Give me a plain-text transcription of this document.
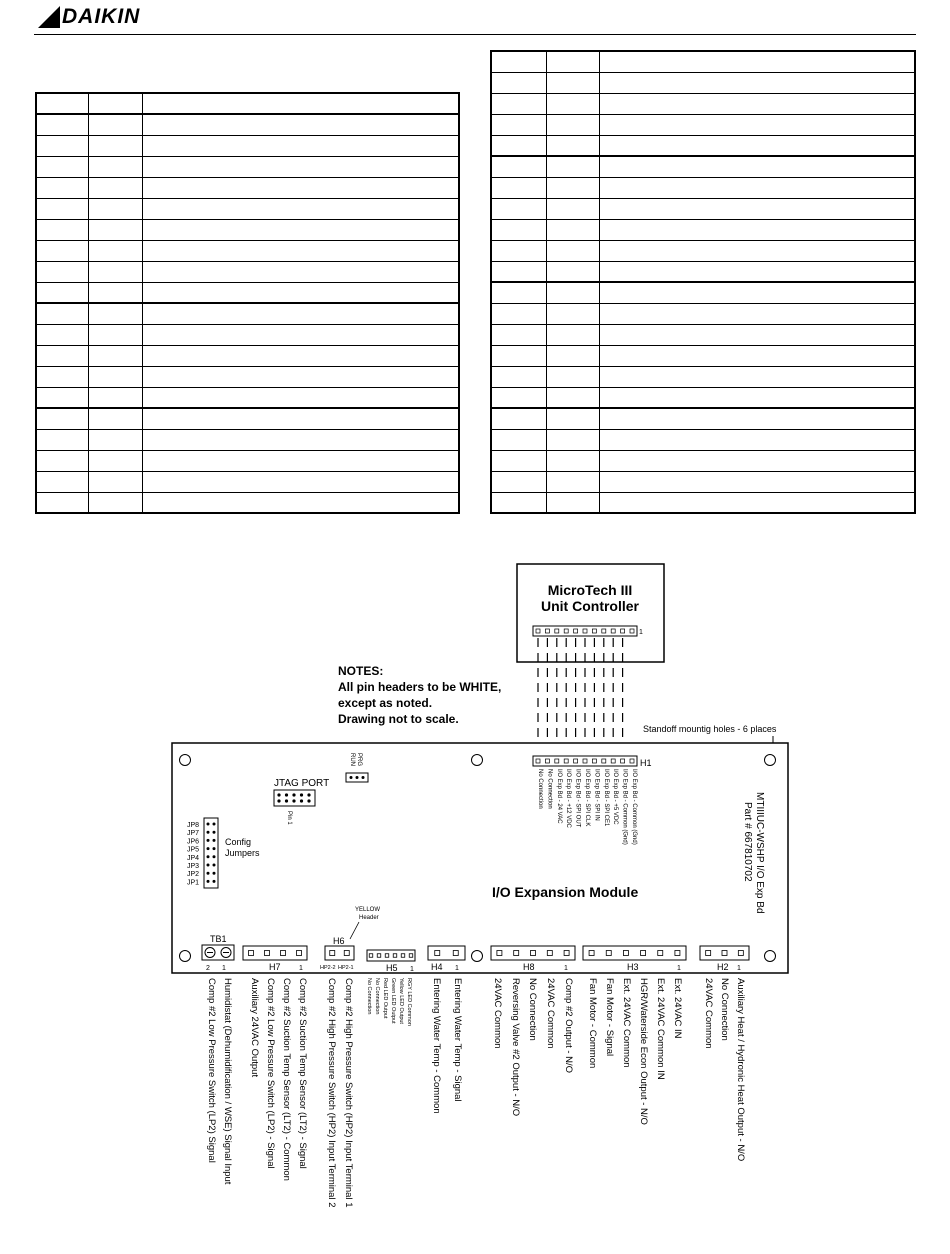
DAIKIN

MicroTech III
Unit Controller
1
NOTES:
All pin headers to be WHITE,
except as noted.
Drawing not to scale.
Standoff mountig holes - 6 places
I/O Expansion Module	MTIIIUC-WSHP I/O Exp Bd
Part # 667810702
JTAG PORT
Pin 1
RUN PRG
JP8
JP7
JP6
JP5
JP4
JP3
JP2
JP1
Config
Jumpers
H1
I/O Exp Bd - Common (Gnd)
I/O Exp Bd - Common (Gnd)
I/O Exp Bd - +5 VDC
I/O Exp Bd - SPI CE1
I/O Exp Bd - SPI IN
I/O Exp Bd - SPI CLK
I/O Exp Bd - SPI OUT
I/O Exp Bd - +12 VDC
I/O Exp Bd - 24 VAC
No Connection
No Connection
Comp #2 Low Pressure Switch (LP2) Signal Humidistat (Dehumidification / WSE) Signal Input Auxiliary 24VAC Output Comp #2 Low Pressure Switch (LP2) - Signal Comp #2 Suction Temp Sensor (LT2) - Common Comp #2 Suction Temp Sensor (LT2) - Signal Comp #2 High Pressure Switch (HP2) Input Terminal 2 Comp #2 High Pressure Switch (HP2) Input Terminal 1 No Connection No Connection Red LED Output Green LED Output Yellow LED Output RGY LED Common Entering Water Temp - Common Entering Water Temp - Signal	24VAC Common Reversing Valve #2 Output - N/O No Connection 24VAC Common Comp #2 Output - N/O Fan Motor - Common Fan Motor - Signal Ext. 24VAC Common HGR/Waterside Econ Output - N/O Ext. 24VAC Common IN Ext. 24VAC IN 24VAC Common No Connection Auxiliary Heat / Hydronic Heat Output - N/O
TB1
H7	1
H6
YELLOW
Header
HP2-2 HP2-1	H5 1 H4 1	H8	1	H3	1	H2 1
2 1
